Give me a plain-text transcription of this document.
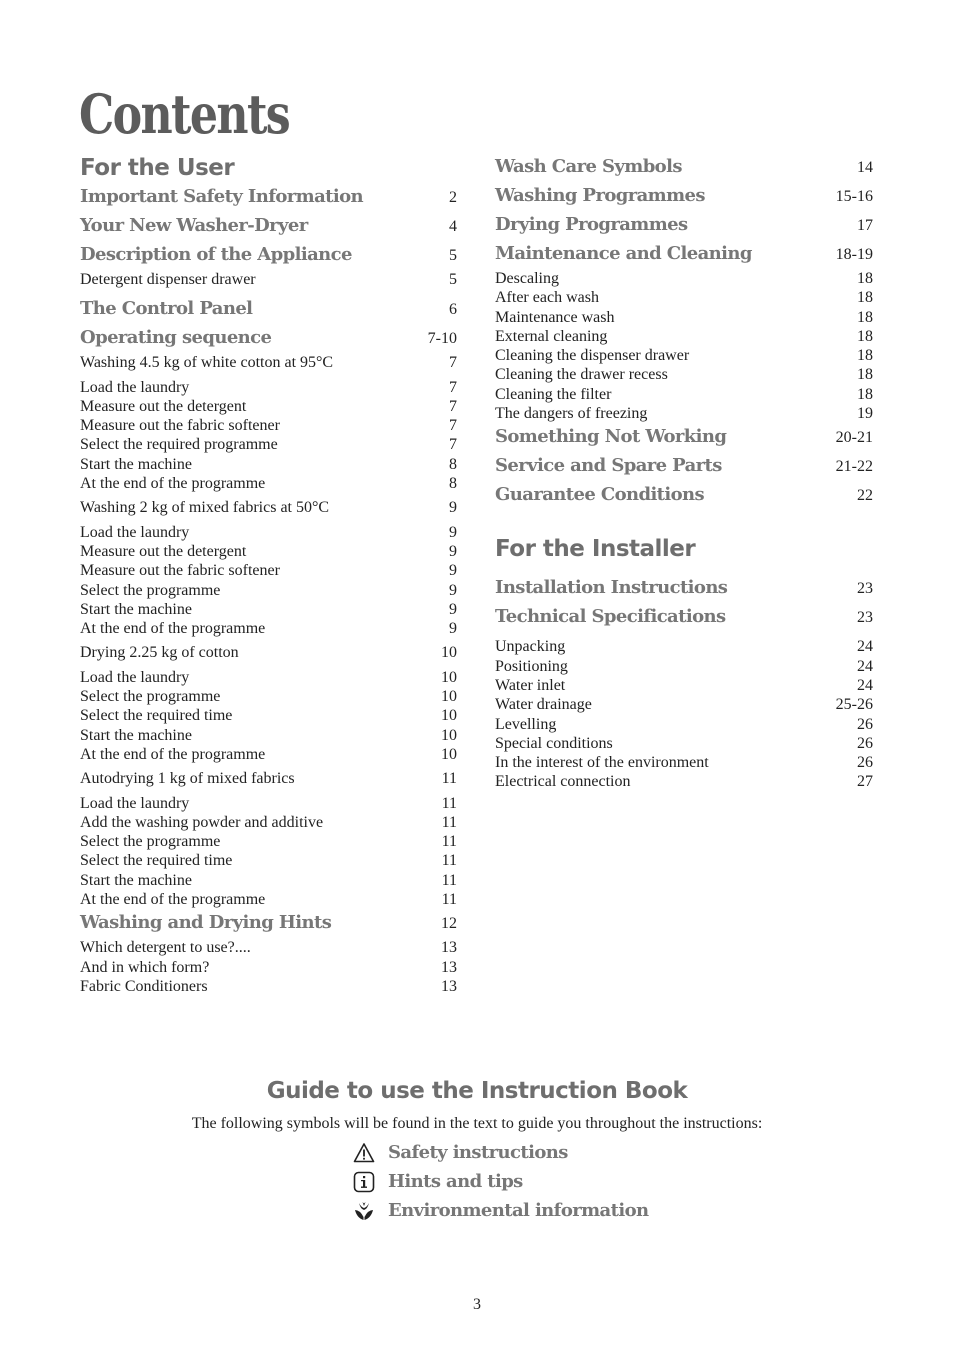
Contents
For the User
Important Safety Information	2
Your New Washer-Dryer	4
Description of the Appliance	5
Detergent dispenser drawer	5
The Control Panel	6
Operating sequence	7-10
Washing 4.5 kg of white cotton at 95°C	7
Load the laundry	7
Measure out the detergent	7
Measure out the fabric softener	7
Select the required programme	7
Start the machine	8
At the end of the programme	8
Washing 2 kg of mixed fabrics at 50°C	9
Load the laundry	9
Measure out the detergent	9
Measure out the fabric softener	9
Select the programme	9
Start the machine	9
At the end of the programme	9
Drying 2.25 kg of cotton	10
Load the laundry	10
Select the programme	10
Select the required time	10
Start the machine	10
At the end of the programme	10
Autodrying 1 kg of mixed fabrics	11
Load the laundry	11
Add the washing powder and additive	11
Select the programme	11
Select the required time	11
Start the machine	11
At the end of the programme	11
Washing and Drying Hints	12
Which detergent to use?....	13
And in which form?	13
Fabric Conditioners	13
Wash Care Symbols	14
Washing Programmes	15-16
Drying Programmes	17
Maintenance and Cleaning	18-19
Descaling	18
After each wash	18
Maintenance wash	18
External cleaning	18
Cleaning the dispenser drawer	18
Cleaning the drawer recess	18
Cleaning the filter	18
The dangers of freezing	19
Something Not Working	20-21
Service and Spare Parts	21-22
Guarantee Conditions	22
For the Installer
Installation Instructions	23
Technical Specifications	23
Unpacking	24
Positioning	24
Water inlet	24
Water drainage	25-26
Levelling	26
Special conditions	26
In the interest of the environment	26
Electrical connection	27
Guide to use the Instruction Book
The following symbols will be found in the text to guide you throughout the instructions:
Safety instructions
Hints and tips
Environmental information
3
